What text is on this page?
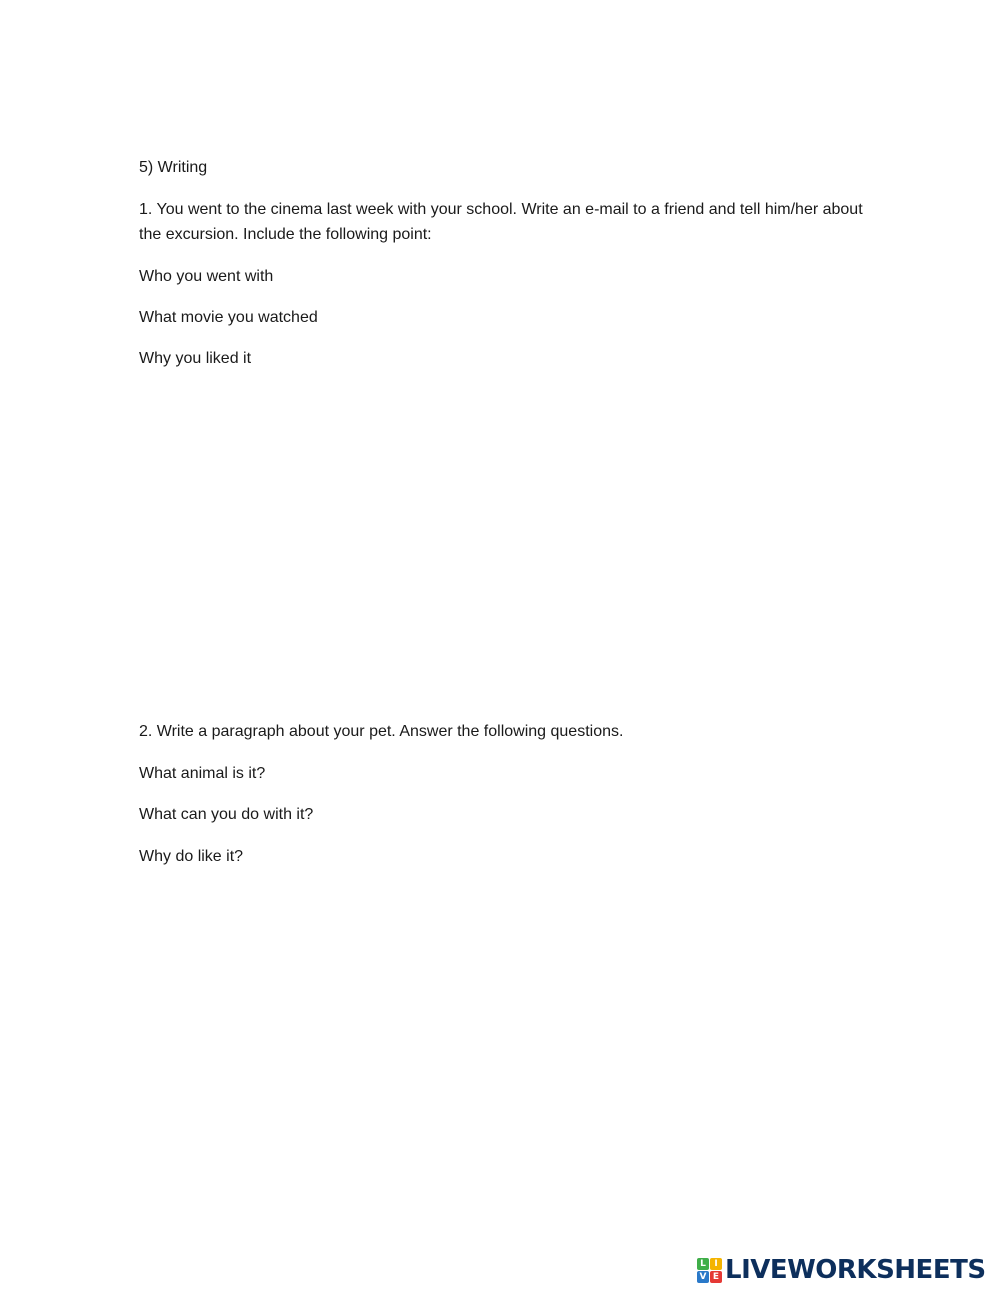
5) Writing
1. You went to the cinema last week with your school. Write an e-mail to a friend and tell him/her about the excursion. Include the following point:
Who you went with
What movie you watched
Why you liked it
2. Write a paragraph about your pet. Answer the following questions.
What animal is it?
What can you do with it?
Why do like it?
L I
V E LIVEWORKSHEETS
